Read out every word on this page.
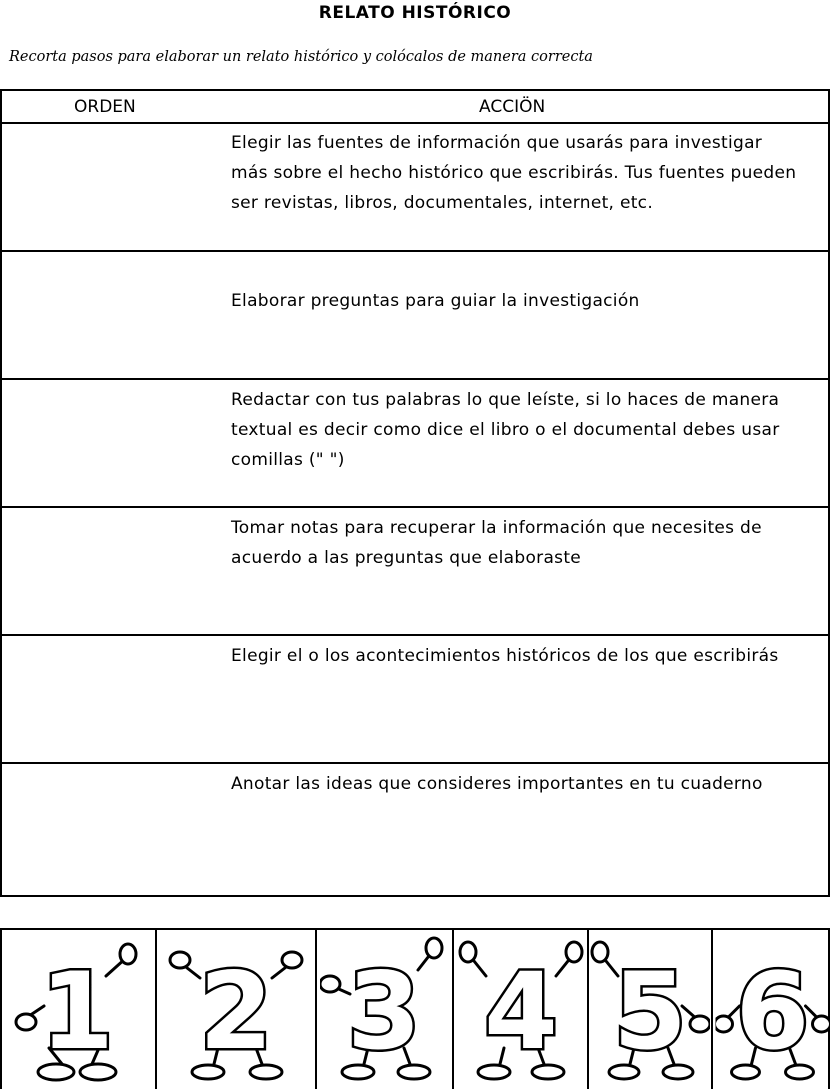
RELATO HISTÓRICO
Recorta pasos para elaborar un relato histórico y colócalos de manera correcta
ORDEN	ACCIÖN
Elegir las fuentes de información que usarás para investigar más sobre el hecho histórico que escribirás. Tus fuentes pueden ser revistas, libros, documentales, internet, etc.
Elaborar preguntas para guiar la investigación
Redactar con tus palabras lo que leíste, si lo haces de manera textual es decir como dice el libro o el documental debes usar comillas (" ")
Tomar notas para recuperar la información que necesites de acuerdo a las preguntas que elaboraste
Elegir el o los acontecimientos históricos de los que escribirás
Anotar las ideas que consideres importantes en tu cuaderno
1 2 3 4 5 6
